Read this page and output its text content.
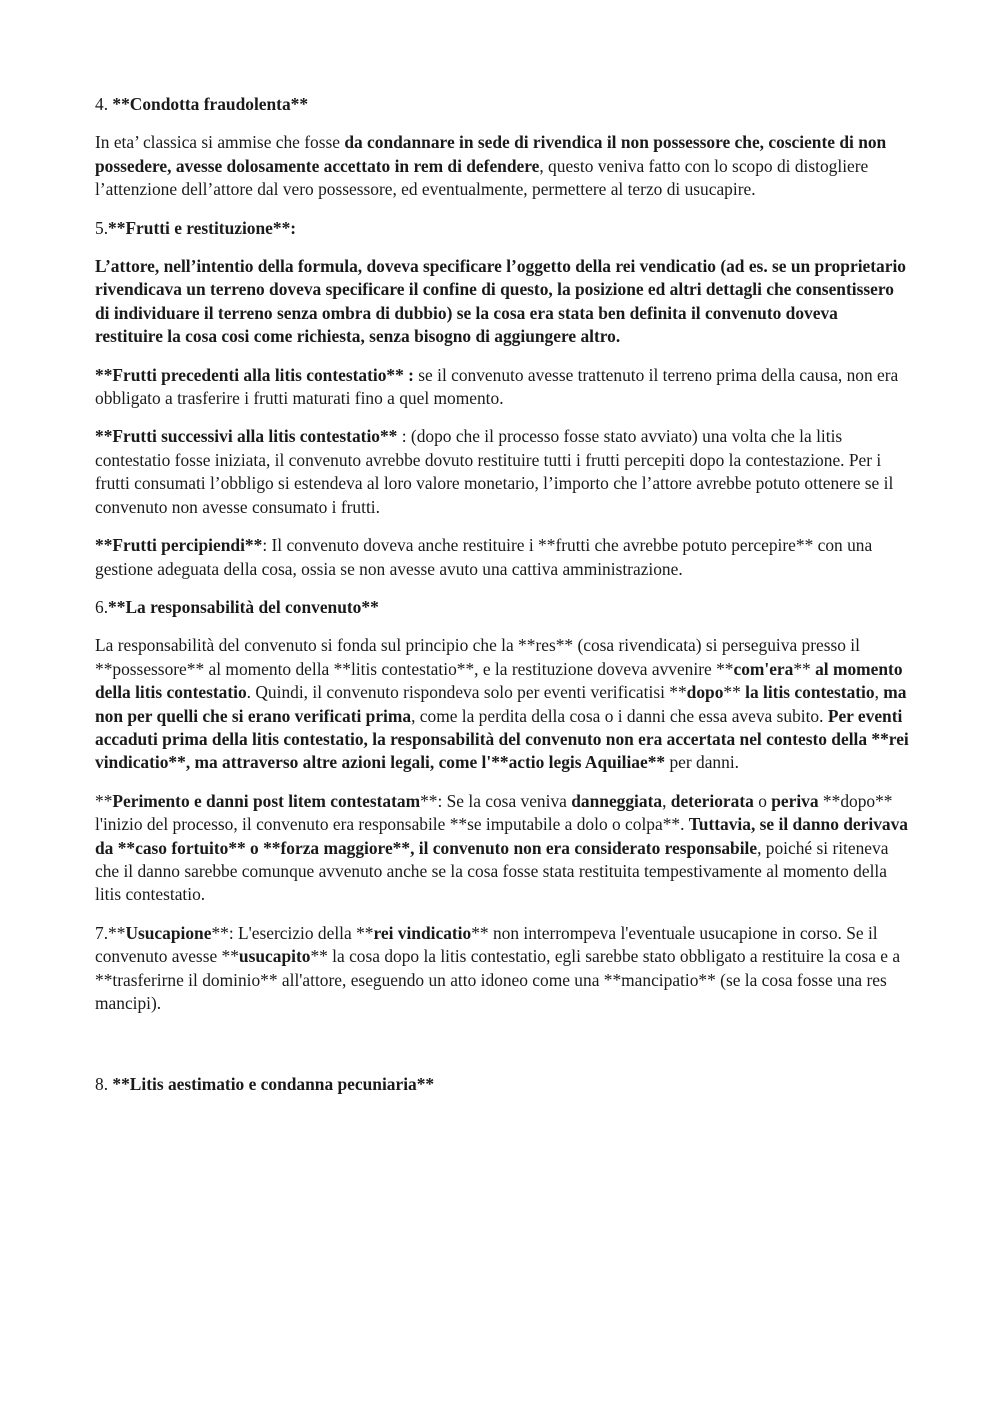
4. **Condotta fraudolenta**

In eta’ classica si ammise che fosse da condannare in sede di rivendica il non possessore che, cosciente di non possedere, avesse dolosamente accettato in rem di defendere, questo veniva fatto con lo scopo di distogliere l’attenzione dell’attore dal vero possessore, ed eventualmente, permettere al terzo di usucapire.

5.**Frutti e restituzione**:

L’attore, nell’intentio della formula, doveva specificare l’oggetto della rei vendicatio (ad es. se un proprietario rivendicava un terreno doveva specificare il confine di questo, la posizione ed altri dettagli che consentissero di individuare il terreno senza ombra di dubbio) se la cosa era stata ben definita il convenuto doveva restituire la cosa cosi come richiesta, senza bisogno di aggiungere altro.

**Frutti precedenti alla litis contestatio** : se il convenuto avesse trattenuto il terreno prima della causa, non era obbligato a trasferire i frutti maturati fino a quel momento.

**Frutti successivi alla litis contestatio** : (dopo che il processo fosse stato avviato) una volta che la litis contestatio fosse iniziata, il convenuto avrebbe dovuto restituire tutti i frutti percepiti dopo la contestazione. Per i frutti consumati l’obbligo si estendeva al loro valore monetario, l’importo che l’attore avrebbe potuto ottenere se il convenuto non avesse consumato i frutti.

**Frutti percipiendi**: Il convenuto doveva anche restituire i **frutti che avrebbe potuto percepire** con una gestione adeguata della cosa, ossia se non avesse avuto una cattiva amministrazione.

6.**La responsabilità del convenuto**

La responsabilità del convenuto si fonda sul principio che la **res** (cosa rivendicata) si perseguiva presso il **possessore** al momento della **litis contestatio**, e la restituzione doveva avvenire **com'era** al momento della litis contestatio. Quindi, il convenuto rispondeva solo per eventi verificatisi **dopo** la litis contestatio, ma non per quelli che si erano verificati prima, come la perdita della cosa o i danni che essa aveva subito. Per eventi accaduti prima della litis contestatio, la responsabilità del convenuto non era accertata nel contesto della **rei vindicatio**, ma attraverso altre azioni legali, come l'**actio legis Aquiliae** per danni.

**Perimento e danni post litem contestatam**: Se la cosa veniva danneggiata, deteriorata o periva **dopo** l'inizio del processo, il convenuto era responsabile **se imputabile a dolo o colpa**. Tuttavia, se il danno derivava da **caso fortuito** o **forza maggiore**, il convenuto non era considerato responsabile, poiché si riteneva che il danno sarebbe comunque avvenuto anche se la cosa fosse stata restituita tempestivamente al momento della litis contestatio.

7.**Usucapione**: L'esercizio della **rei vindicatio** non interrompeva l'eventuale usucapione in corso. Se il convenuto avesse **usucapito** la cosa dopo la litis contestatio, egli sarebbe stato obbligato a restituire la cosa e a **trasferirne il dominio** all'attore, eseguendo un atto idoneo come una **mancipatio** (se la cosa fosse una res mancipi).

8. **Litis aestimatio e condanna pecuniaria**
